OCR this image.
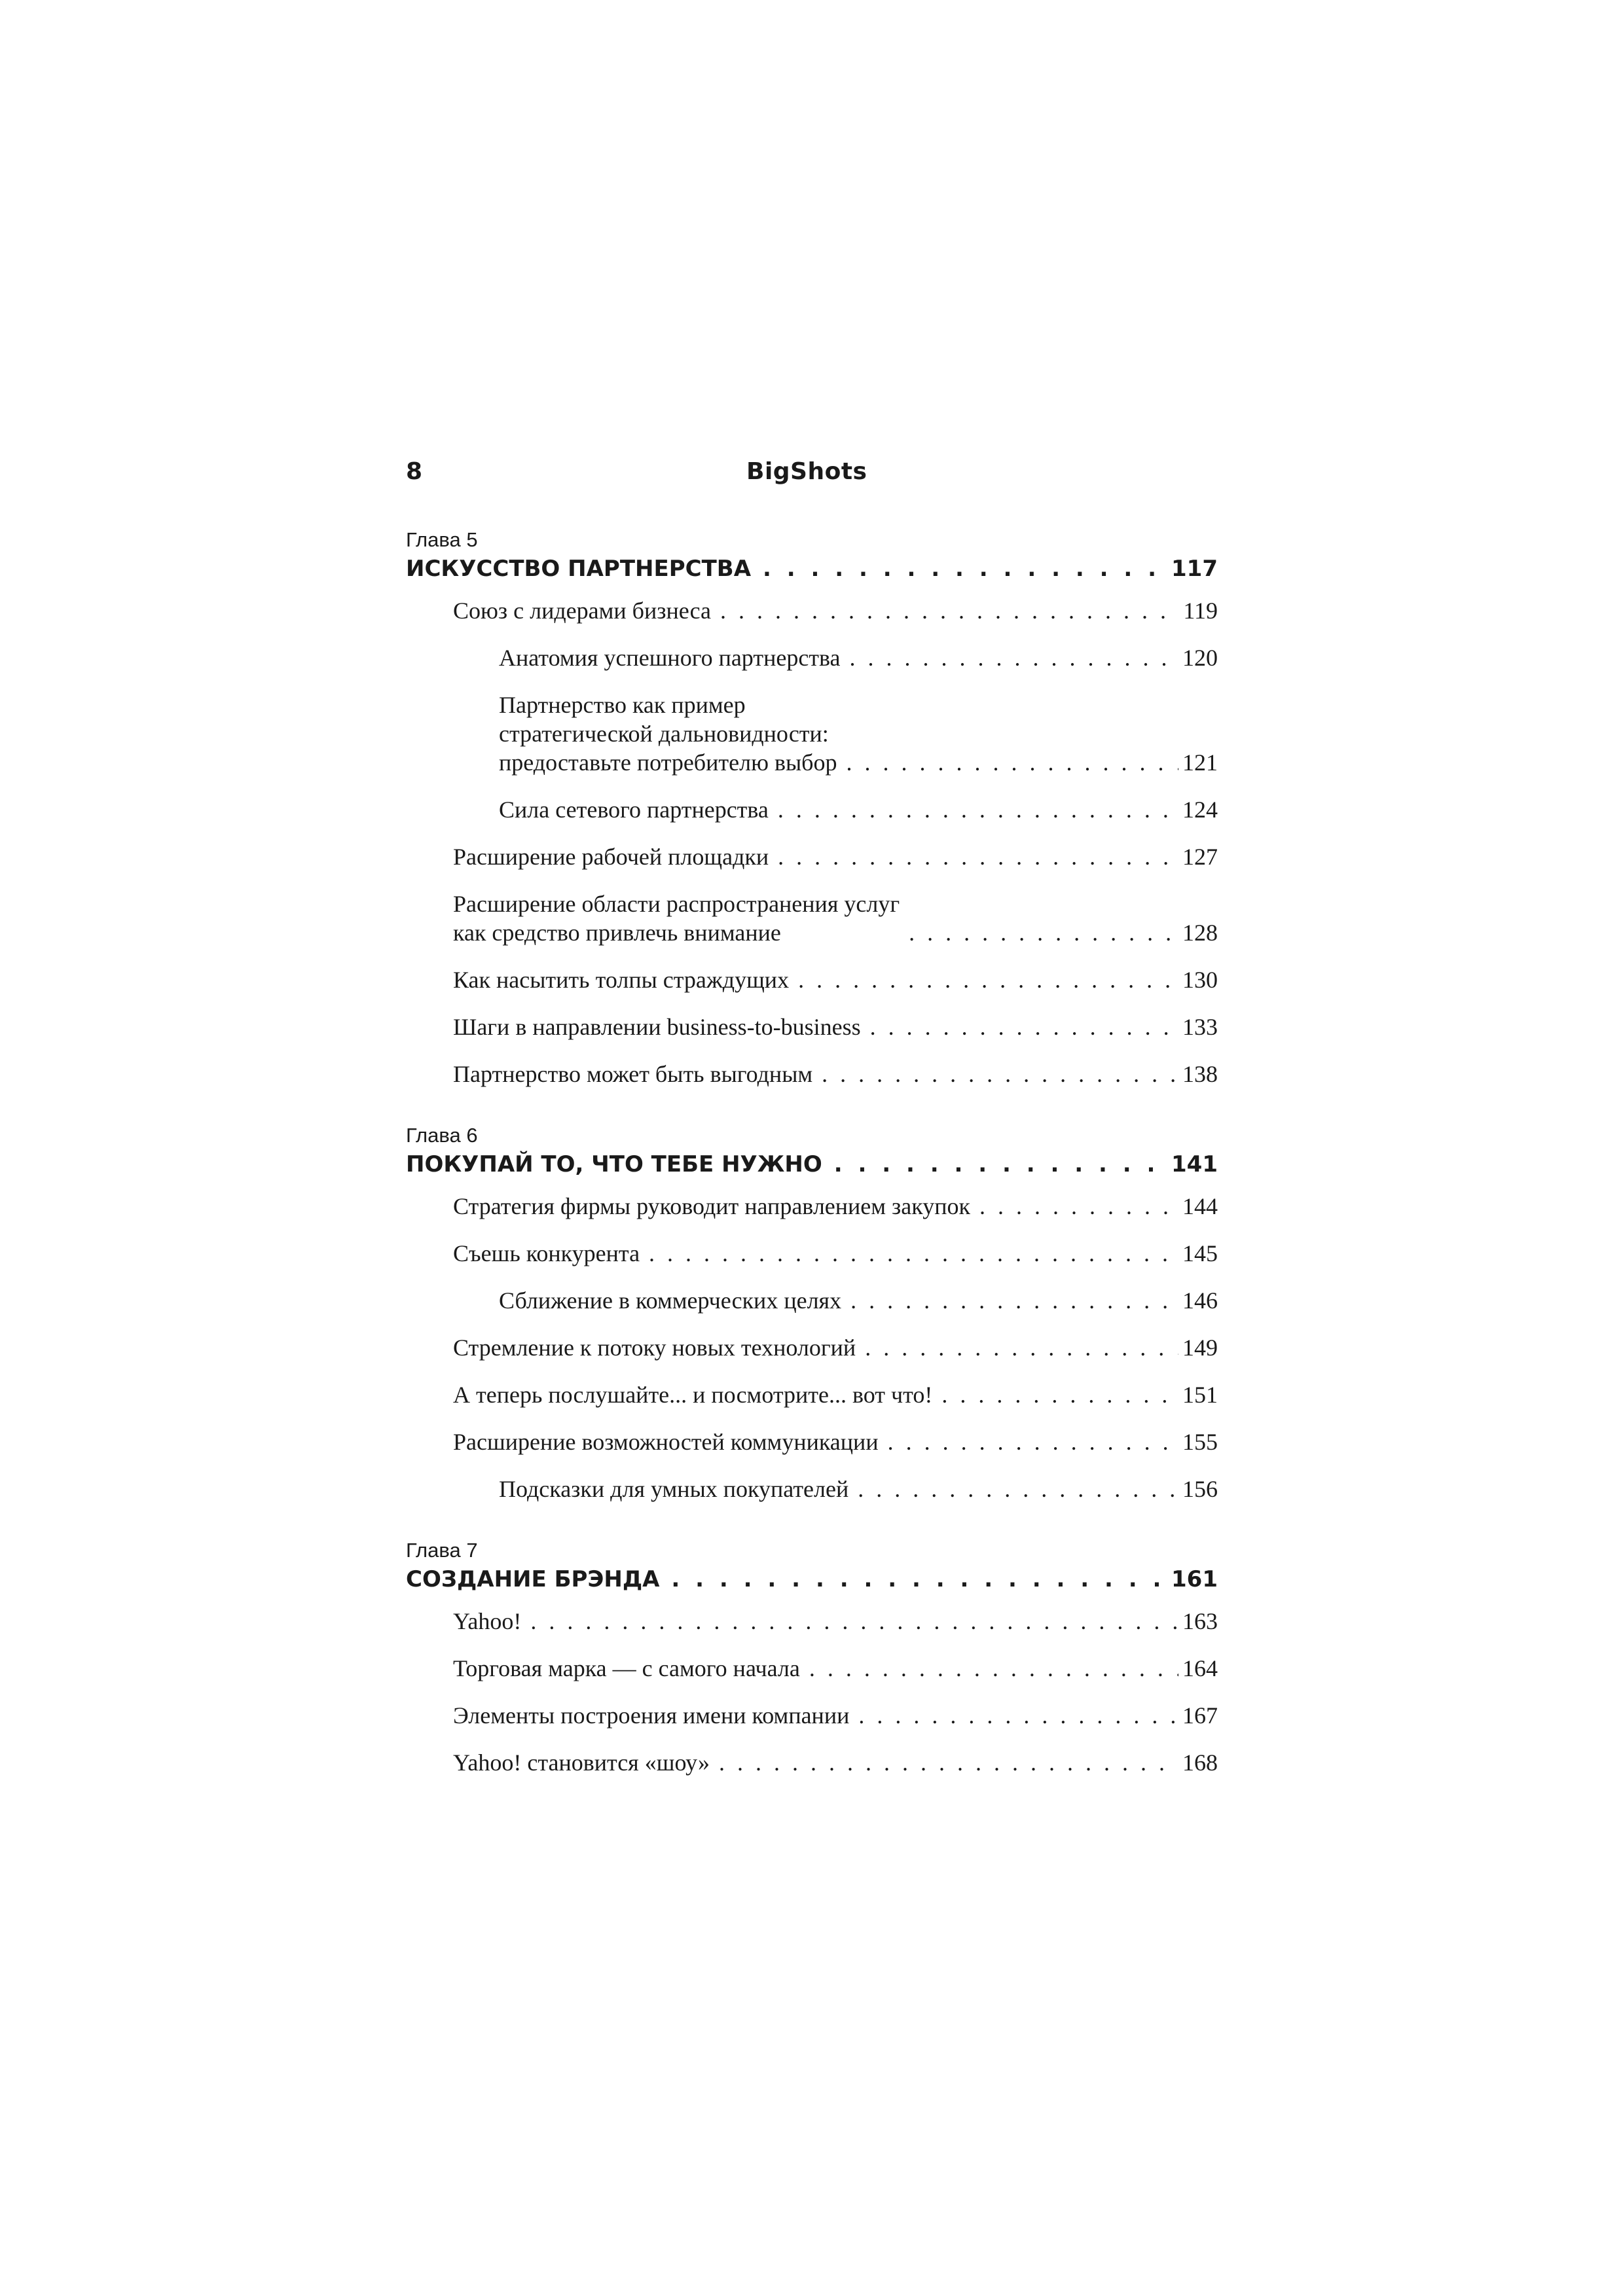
8	BigShots
Глава 5
ИСКУССТВО ПАРТНЕРСТВА . . .	117
Союз с лидерами бизнеса . . .	119
Анатомия успешного партнерства . . .	120
Партнерство как пример
стратегической дальновидности:
предоставьте потребителю выбор . . .	121
Сила сетевого партнерства . . .	124
Расширение рабочей площадки . . .	127
Расширение области распространения услуг
как средство привлечь внимание . . .	128
Как насытить толпы страждущих . . .	130
Шаги в направлении business-to-business . . .	133
Партнерство может быть выгодным . . .	138
Глава 6
ПОКУПАЙ ТО, ЧТО ТЕБЕ НУЖНО . . .	141
Стратегия фирмы руководит направлением закупок . . .	144
Съешь конкурента . . .	145
Сближение в коммерческих целях . . .	146
Стремление к потоку новых технологий . . .	149
А теперь послушайте... и посмотрите... вот что! . . .	151
Расширение возможностей коммуникации . . .	155
Подсказки для умных покупателей . . .	156
Глава 7
СОЗДАНИЕ БРЭНДА . . .	161
Yahoo! . . .	163
Торговая марка — с самого начала . . .	164
Элементы построения имени компании . . .	167
Yahoo! становится «шоу» . . .	168
